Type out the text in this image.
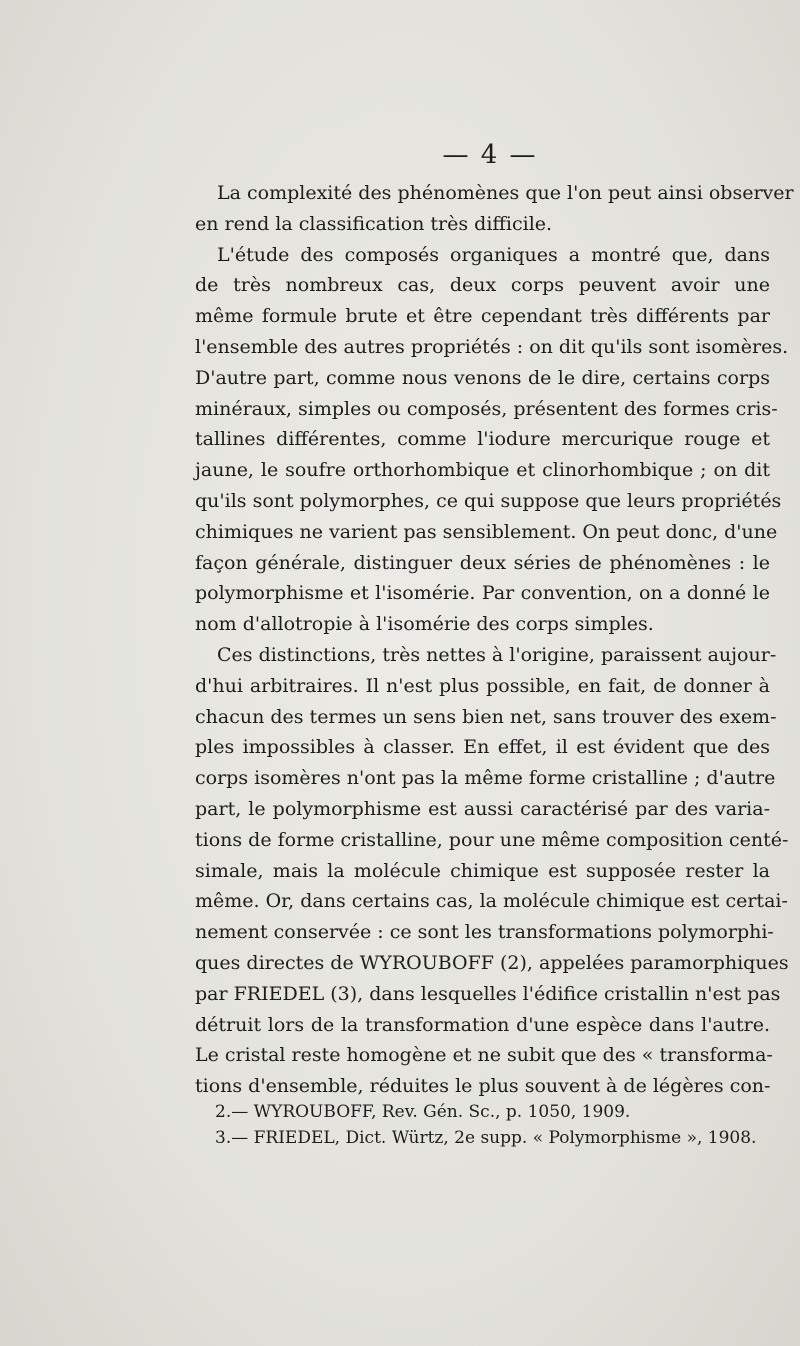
— 4 —
La complexité des phénomènes que l'on peut ainsi observer
en rend la classification très difficile.
L'étude des composés organiques a montré que, dans
de très nombreux cas, deux corps peuvent avoir une
même formule brute et être cependant très différents par
l'ensemble des autres propriétés : on dit qu'ils sont isomères.
D'autre part, comme nous venons de le dire, certains corps
minéraux, simples ou composés, présentent des formes cris-
tallines différentes, comme l'iodure mercurique rouge et
jaune, le soufre orthorhombique et clinorhombique ; on dit
qu'ils sont polymorphes, ce qui suppose que leurs propriétés
chimiques ne varient pas sensiblement. On peut donc, d'une
façon générale, distinguer deux séries de phénomènes : le
polymorphisme et l'isomérie. Par convention, on a donné le
nom d'allotropie à l'isomérie des corps simples.
Ces distinctions, très nettes à l'origine, paraissent aujour-
d'hui arbitraires. Il n'est plus possible, en fait, de donner à
chacun des termes un sens bien net, sans trouver des exem-
ples impossibles à classer. En effet, il est évident que des
corps isomères n'ont pas la même forme cristalline ; d'autre
part, le polymorphisme est aussi caractérisé par des varia-
tions de forme cristalline, pour une même composition centé-
simale, mais la molécule chimique est supposée rester la
même. Or, dans certains cas, la molécule chimique est certai-
nement conservée : ce sont les transformations polymorphi-
ques directes de WYROUBOFF (2), appelées paramorphiques
par FRIEDEL (3), dans lesquelles l'édifice cristallin n'est pas
détruit lors de la transformation d'une espèce dans l'autre.
Le cristal reste homogène et ne subit que des « transforma-
tions d'ensemble, réduites le plus souvent à de légères con-
2.— WYROUBOFF, Rev. Gén. Sc., p. 1050, 1909.
3.— FRIEDEL, Dict. Würtz, 2e supp. « Polymorphisme », 1908.
